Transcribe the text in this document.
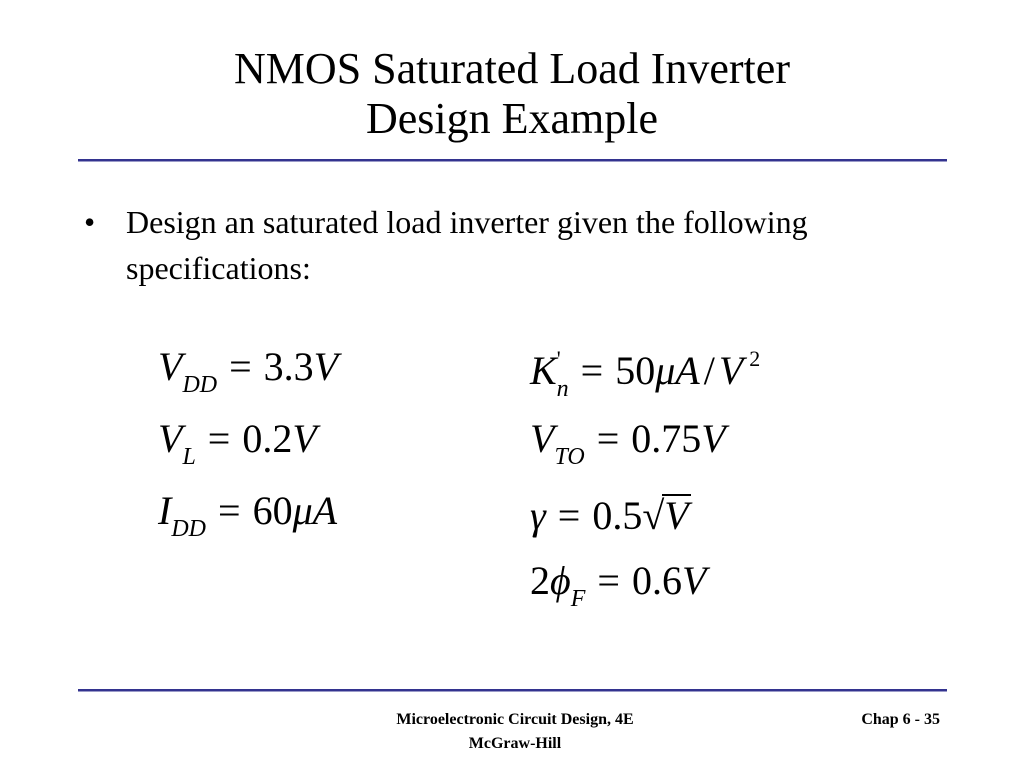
NMOS Saturated Load Inverter
Design Example
• Design an saturated load inverter given the following specifications:
$V_{DD} = 3.3V$
$V_L = 0.2V$
$I_{DD} = 60\mu A$
$K'_n = 50\mu A / V$ $^2$
$V_{TO} = 0.75V$
γ = 0.5√V
$2\phi_F = 0.6V$
Microelectronic Circuit Design, 4E
McGraw-Hill
Chap 6 - 35
